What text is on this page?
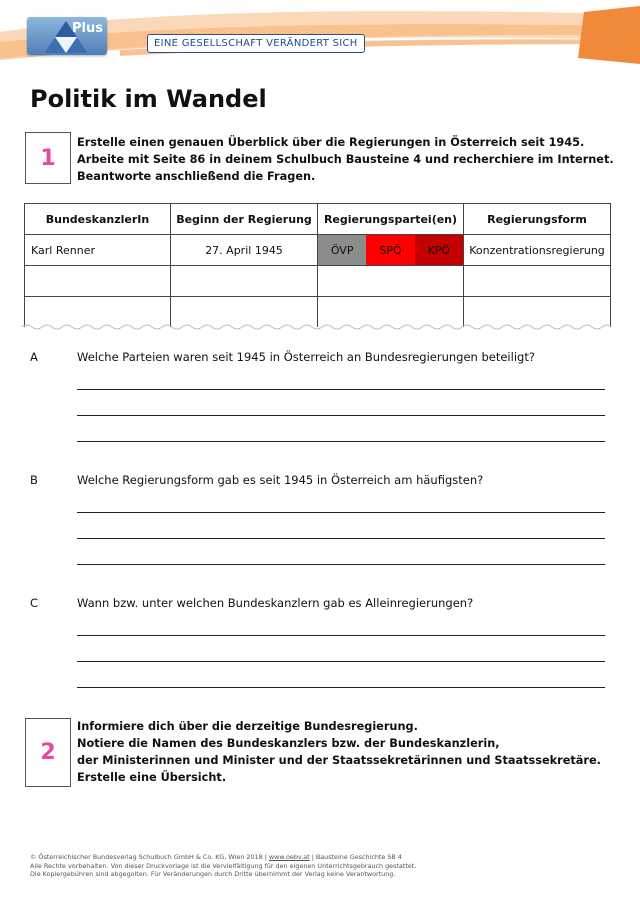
Plus
EINE GESELLSCHAFT VERÄNDERT SICH
Politik im Wandel
1
Erstelle einen genauen Überblick über die Regierungen in Österreich seit 1945.
Arbeite mit Seite 86 in deinem Schulbuch Bausteine 4 und recherchiere im Internet.
Beantworte anschließend die Fragen.
BundeskanzlerIn	Beginn der Regierung	Regierungspartei(en)	Regierungsform
Karl Renner	27. April 1945	ÖVP SPÖ KPÖ	Konzentrationsregierung

A	Welche Parteien waren seit 1945 in Österreich an Bundesregierungen beteiligt?
B	Welche Regierungsform gab es seit 1945 in Österreich am häufigsten?
C	Wann bzw. unter welchen Bundeskanzlern gab es Alleinregierungen?
2
Informiere dich über die derzeitige Bundesregierung.
Notiere die Namen des Bundeskanzlers bzw. der Bundeskanzlerin,
der Ministerinnen und Minister und der Staatssekretärinnen und Staatssekretäre.
Erstelle eine Übersicht.
© Österreichischer Bundesverlag Schulbuch GmbH & Co. KG, Wien 2018 | www.oebv.at | Bausteine Geschichte SB 4
Alle Rechte vorbehalten. Von dieser Druckvorlage ist die Vervielfältigung für den eigenen Unterrichtsgebrauch gestattet.
Die Kopiergebühren sind abgegolten. Für Veränderungen durch Dritte übernimmt der Verlag keine Verantwortung.
